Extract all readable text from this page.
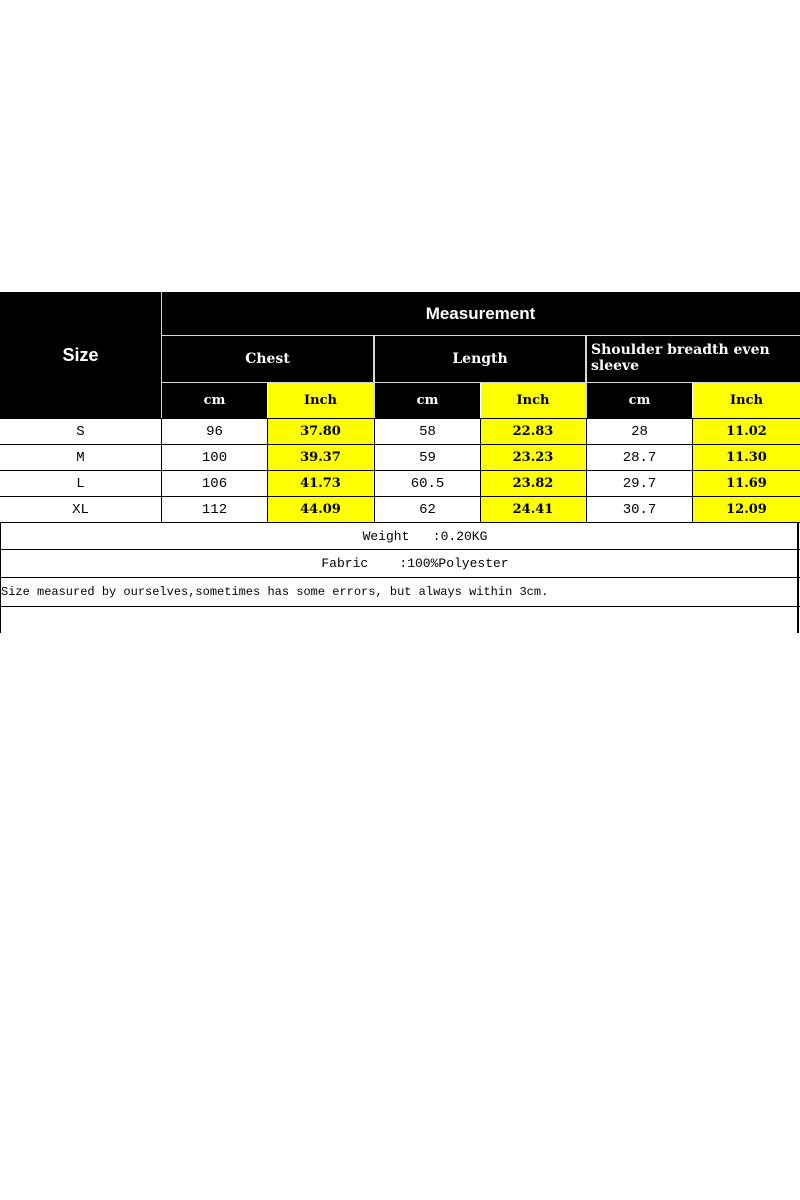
Size
Measurement
Chest	Length
Shoulder breadth even sleeve
cm	Inch	cm	Inch	cm	Inch
Weight   :0.20KG
Fabric    :100%Polyester
Size measured by ourselves,sometimes has some errors, but always within 3cm.
S	96	37.80	58	22.83	28	11.02
M	100	39.37	59	23.23	28.7	11.30
L	106	41.73	60.5	23.82	29.7	11.69
XL	112	44.09	62	24.41	30.7	12.09
